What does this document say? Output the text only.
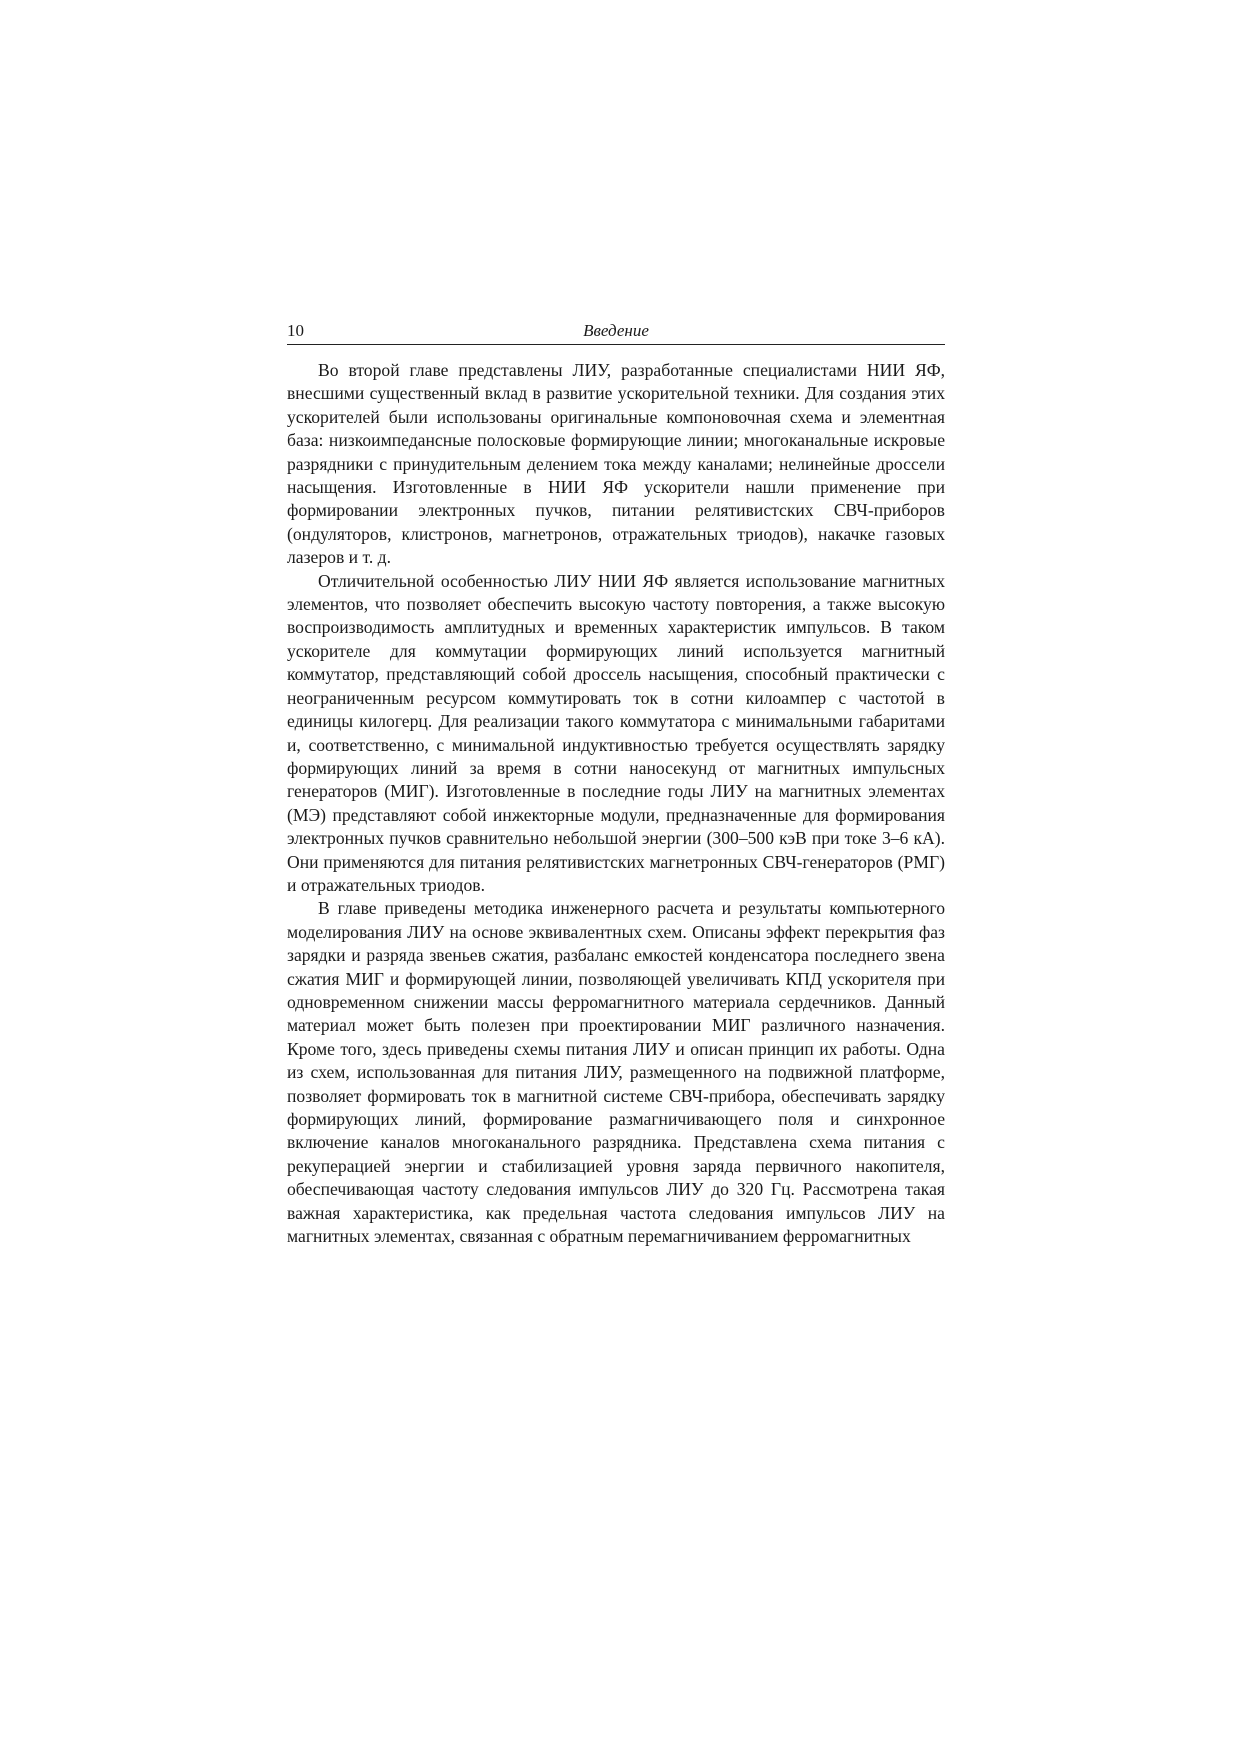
10	Введение

Во второй главе представлены ЛИУ, разработанные специалистами НИИ ЯФ, внесшими существенный вклад в развитие ускорительной техники. Для создания этих ускорителей были использованы оригинальные компоновочная схема и элементная база: низкоимпедансные полосковые формирующие линии; многоканальные искровые разрядники с принудительным делением тока между каналами; нелинейные дроссели насыщения. Изготовленные в НИИ ЯФ ускорители нашли применение при формировании электронных пучков, питании релятивистских СВЧ-приборов (ондуляторов, клистронов, магнетронов, отражательных триодов), накачке газовых лазеров и т. д.

Отличительной особенностью ЛИУ НИИ ЯФ является использование магнитных элементов, что позволяет обеспечить высокую частоту повторения, а также высокую воспроизводимость амплитудных и временных характеристик импульсов. В таком ускорителе для коммутации формирующих линий используется магнитный коммутатор, представляющий собой дроссель насыщения, способный практически с неограниченным ресурсом коммутировать ток в сотни килоампер с частотой в единицы килогерц. Для реализации такого коммутатора с минимальными габаритами и, соответственно, с минимальной индуктивностью требуется осуществлять зарядку формирующих линий за время в сотни наносекунд от магнитных импульсных генераторов (МИГ). Изготовленные в последние годы ЛИУ на магнитных элементах (МЭ) представляют собой инжекторные модули, предназначенные для формирования электронных пучков сравнительно небольшой энергии (300–500 кэВ при токе 3–6 кА). Они применяются для питания релятивистских магнетронных СВЧ-генераторов (РМГ) и отражательных триодов.

В главе приведены методика инженерного расчета и результаты компьютерного моделирования ЛИУ на основе эквивалентных схем. Описаны эффект перекрытия фаз зарядки и разряда звеньев сжатия, разбаланс емкостей конденсатора последнего звена сжатия МИГ и формирующей линии, позволяющей увеличивать КПД ускорителя при одновременном снижении массы ферромагнитного материала сердечников. Данный материал может быть полезен при проектировании МИГ различного назначения. Кроме того, здесь приведены схемы питания ЛИУ и описан принцип их работы. Одна из схем, использованная для питания ЛИУ, размещенного на подвижной платформе, позволяет формировать ток в магнитной системе СВЧ-прибора, обеспечивать зарядку формирующих линий, формирование размагничивающего поля и синхронное включение каналов многоканального разрядника. Представлена схема питания с рекуперацией энергии и стабилизацией уровня заряда первичного накопителя, обеспечивающая частоту следования импульсов ЛИУ до 320 Гц. Рассмотрена такая важная характеристика, как предельная частота следования импульсов ЛИУ на магнитных элементах, связанная с обратным перемагничиванием ферромагнитных
